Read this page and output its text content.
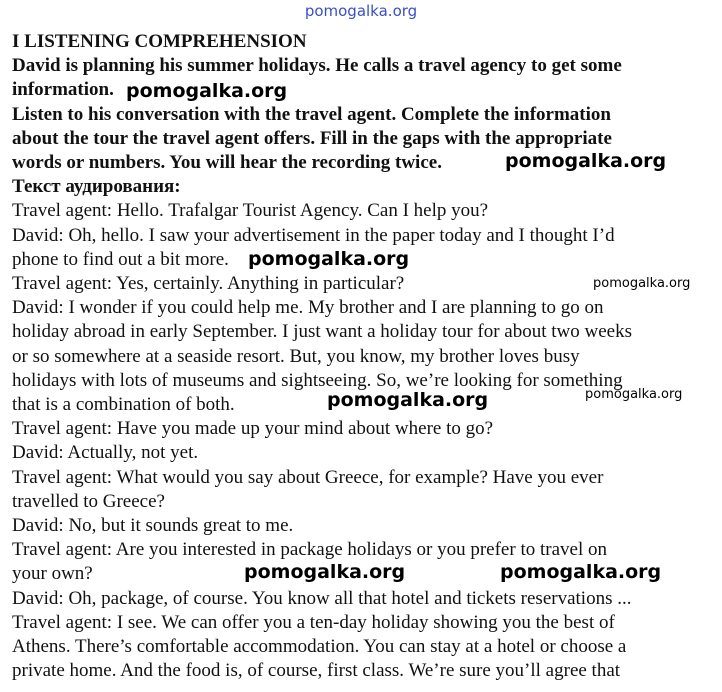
pomogalka.org
I LISTENING COMPREHENSION
David is planning his summer holidays. He calls a travel agency to get some
information.
Listen to his conversation with the travel agent. Complete the information
about the tour the travel agent offers. Fill in the gaps with the appropriate
words or numbers. You will hear the recording twice.
Текст аудирования:
Travel agent: Hello. Trafalgar Tourist Agency. Can I help you?
David: Oh, hello. I saw your advertisement in the paper today and I thought I’d
phone to find out a bit more.
Travel agent: Yes, certainly. Anything in particular?
David: I wonder if you could help me. My brother and I are planning to go on
holiday abroad in early September. I just want a holiday tour for about two weeks
or so somewhere at a seaside resort. But, you know, my brother loves busy
holidays with lots of museums and sightseeing. So, we’re looking for something
that is a combination of both.
Travel agent: Have you made up your mind about where to go?
David: Actually, not yet.
Travel agent: What would you say about Greece, for example? Have you ever
travelled to Greece?
David: No, but it sounds great to me.
Travel agent: Are you interested in package holidays or you prefer to travel on
your own?
David: Oh, package, of course. You know all that hotel and tickets reservations ...
Travel agent: I see. We can offer you a ten-day holiday showing you the best of
Athens. There’s comfortable accommodation. You can stay at a hotel or choose a
private home. And the food is, of course, first class. We’re sure you’ll agree that
pomogalka.org
pomogalka.org
pomogalka.org
pomogalka.org
pomogalka.org	pomogalka.org
pomogalka.org	pomogalka.org
